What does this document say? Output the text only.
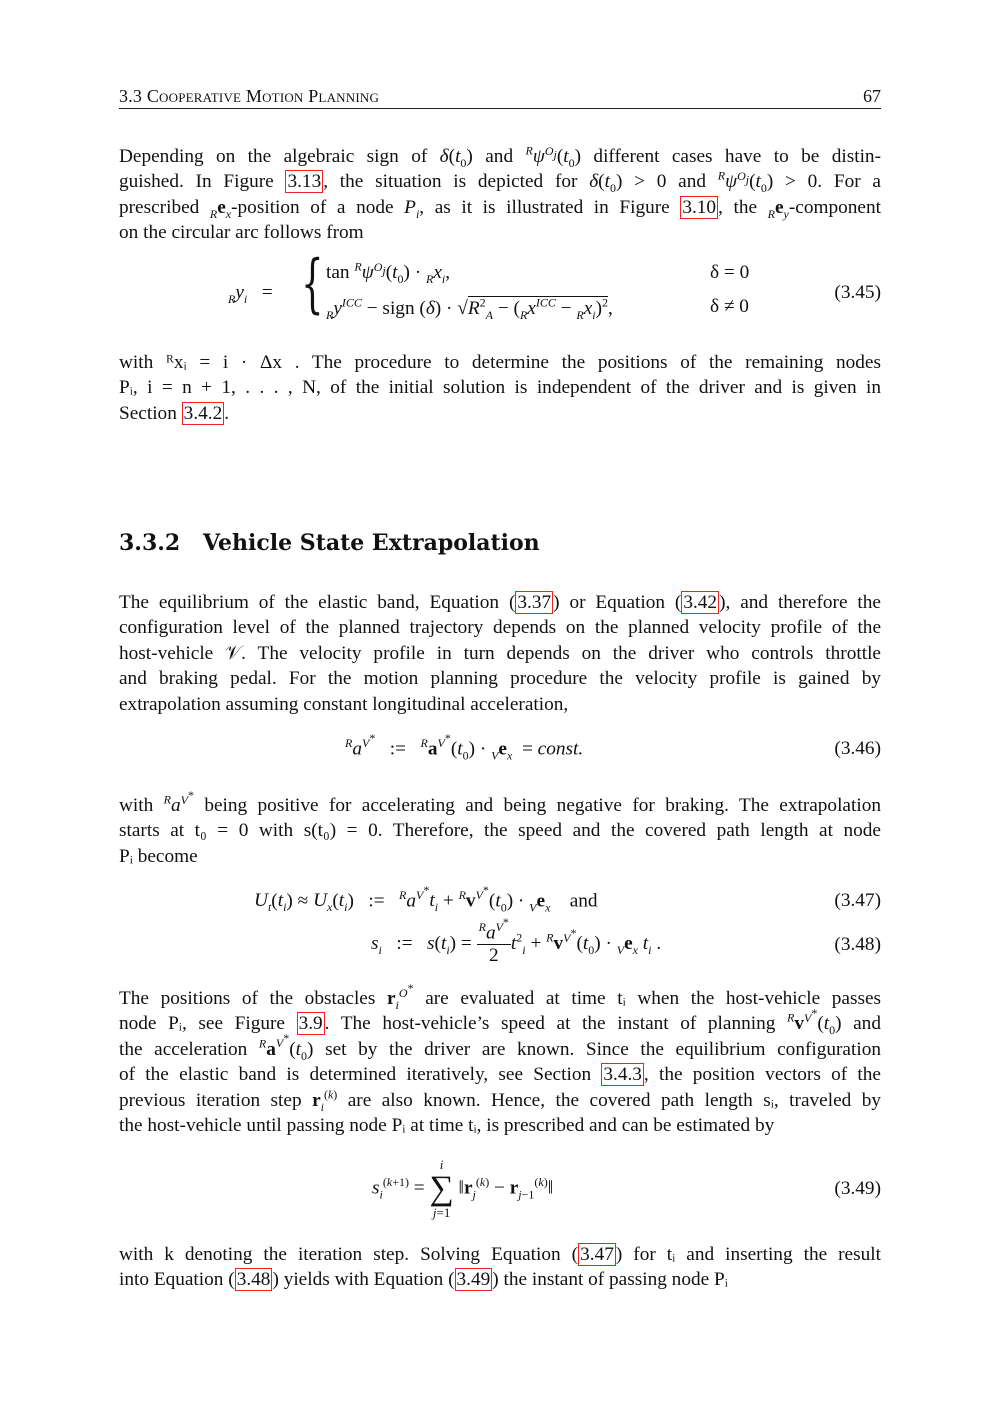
3.3 Cooperative Motion Planning	67
Depending on the algebraic sign of $\delta(t_0)$ and $^R\psi^{O_j}(t_0)$ different cases have to be distin-
guished. In Figure 3.13 , the situation is depicted for $\delta(t_0) > 0$ and $^R\psi^{O_j}(t_0) > 0$. For a
prescribed $_Re_x$-position of a node $P_i$, as it is illustrated in Figure 3.10 , the $_Re_y$-component
on the circular arc follows from
$_Ry_i$   = { $\tan ^R\psi^{O_j}(t_0) \cdot _Rx_i$,
$_Ry^{ICC}$ − sign $(\delta) \cdot √R^2_A - (_Rx^{ICC} - _Rx_i)^2$,
δ = 0
δ ≠ 0
(3.45)
with ᴿxᵢ = i · Δx . The procedure to determine the positions of the remaining nodes
Pᵢ, i = n + 1, . . . , N, of the initial solution is independent of the driver and is given in
Section 3.4.2 .
3.3.2 Vehicle State Extrapolation
The equilibrium of the elastic band, Equation ( 3.37 ) or Equation ( 3.42 ), and therefore the
configuration level of the planned trajectory depends on the planned velocity profile of the
host-vehicle 𝒱. The velocity profile in turn depends on the driver who controls throttle
and braking pedal. For the motion planning procedure the velocity profile is gained by
extrapolation assuming constant longitudinal acceleration,
$^Ra^{V^*}$   :=   $^Ra^{V^*}(t_0) \cdot _Ve_x$  = const.	(3.46)
with $^Ra^{V^*}$ being positive for accelerating and being negative for braking. The extrapolation
starts at t₀ = 0 with s(t₀) = 0. Therefore, the speed and the covered path length at node
Pᵢ become
$U_t(t_i) \approx U_x(t_i)$   :=   $^Ra^{V^*}t_i + ^Rv^{V^*}(t_0) \cdot _Ve_x$ and	(3.47)
$s_i$   :=   $s(t_i) = \frac{^Ra^{V^*}}{2} t^2_i + ^Rv^{V^*}(t_0) \cdot _Ve_x$ $t_i$ .	(3.48)
The positions of the obstacles $r_i^{O^*}$ are evaluated at time tᵢ when the host-vehicle passes
node Pᵢ, see Figure 3.9 . The host-vehicle’s speed at the instant of planning $^Rv^{V^*}(t_0)$ and
the acceleration $^Ra^{V^*}(t_0)$ set by the driver are known. Since the equilibrium configuration
of the elastic band is determined iteratively, see Section 3.4.3 , the position vectors of the
previous iteration step $r_i^{(k)}$ are also known. Hence, the covered path length sᵢ, traveled by
the host-vehicle until passing node Pᵢ at time tᵢ, is prescribed and can be estimated by
$s_i^{(k+1)} = i$
∑
j=1 $‖r_j^{(k)}$ − $r_{j-1}^{(k)}‖$	(3.49)
with k denoting the iteration step. Solving Equation ( 3.47 ) for tᵢ and inserting the result
into Equation ( 3.48 ) yields with Equation ( 3.49 ) the instant of passing node Pᵢ
